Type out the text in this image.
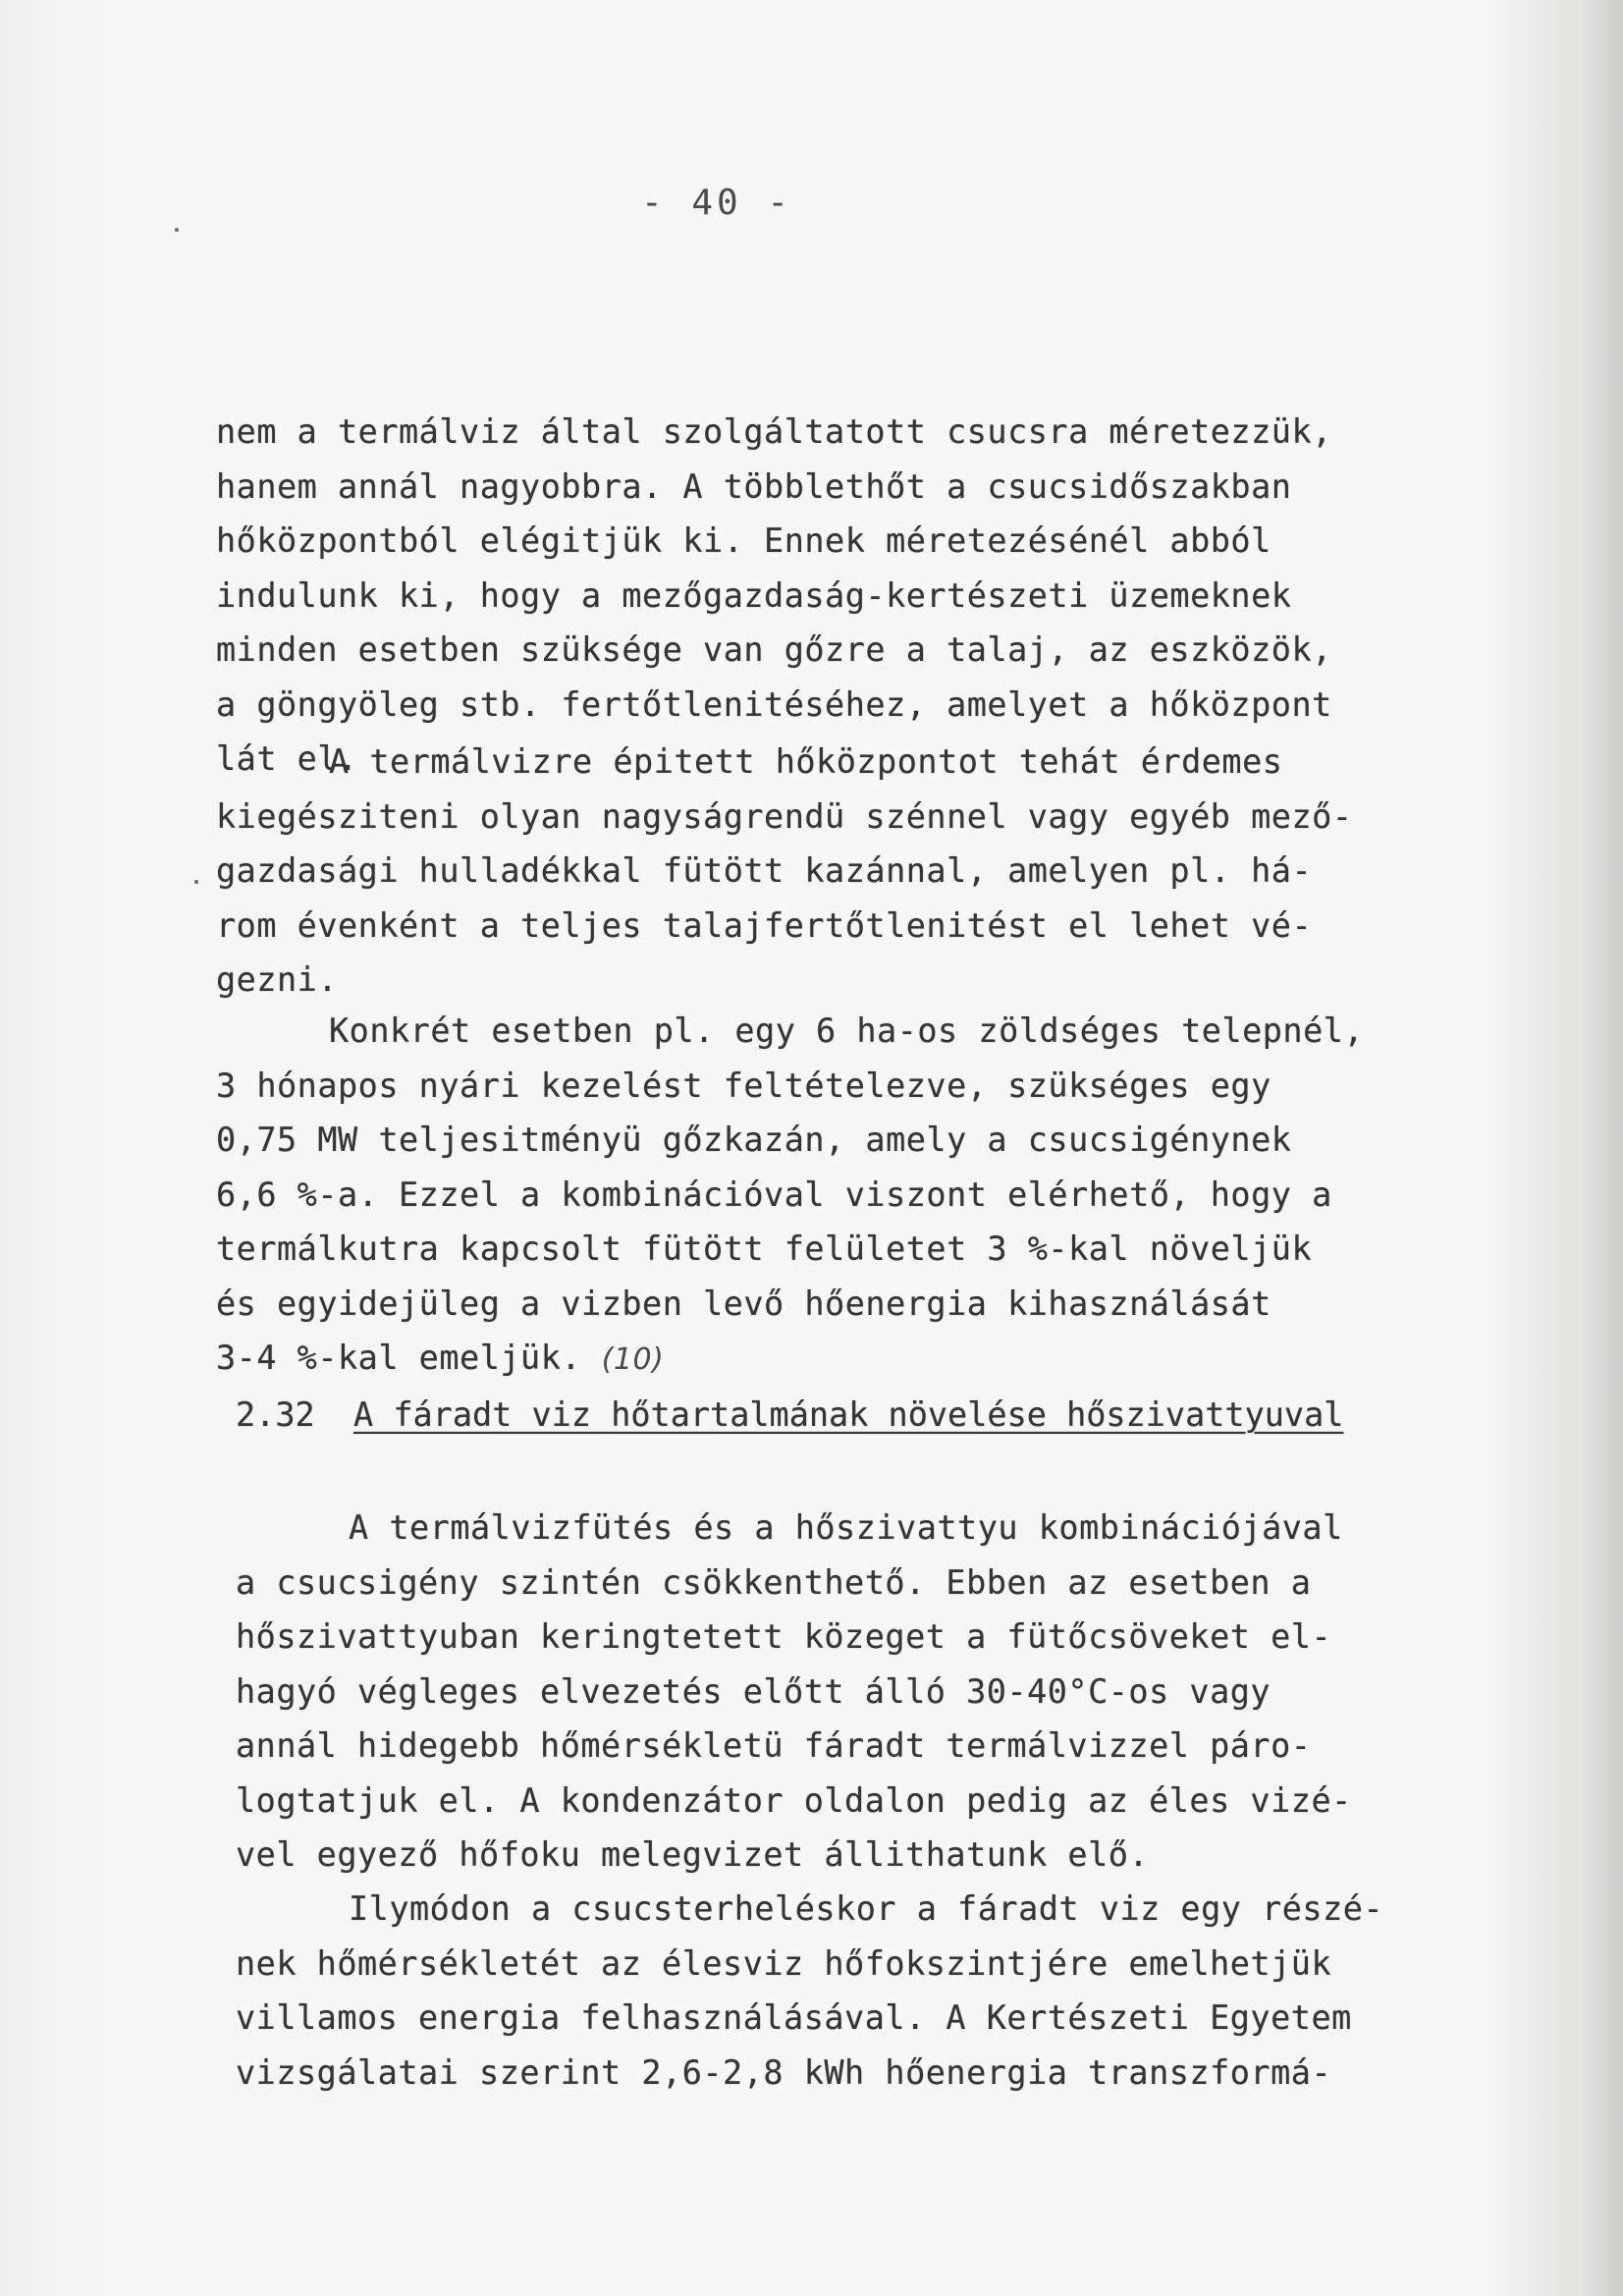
- 40 -
nem a termálviz által szolgáltatott csucsra méretezzük,
hanem annál nagyobbra. A többlethőt a csucsidőszakban
hőközpontból elégitjük ki. Ennek méretezésénél abból
indulunk ki, hogy a mezőgazdaság-kertészeti üzemeknek
minden esetben szüksége van gőzre a talaj, az eszközök,
a göngyöleg stb. fertőtlenitéséhez, amelyet a hőközpont
lát el.
A termálvizre épitett hőközpontot tehát érdemes
kiegésziteni olyan nagyságrendü szénnel vagy egyéb mező-
gazdasági hulladékkal fütött kazánnal, amelyen pl. há-
rom évenként a teljes talajfertőtlenitést el lehet vé-
gezni.
Konkrét esetben pl. egy 6 ha-os zöldséges telepnél,
3 hónapos nyári kezelést feltételezve, szükséges egy
0,75 MW teljesitményü gőzkazán, amely a csucsigénynek
6,6 %-a. Ezzel a kombinációval viszont elérhető, hogy a
termálkutra kapcsolt fütött felületet 3 %-kal növeljük
és egyidejüleg a vizben levő hőenergia kihasználását
3-4 %-kal emeljük. (10)
2.32 A fáradt viz hőtartalmának növelése hőszivattyuval
A termálvizfütés és a hőszivattyu kombinációjával
a csucsigény szintén csökkenthető. Ebben az esetben a
hőszivattyuban keringtetett közeget a fütőcsöveket el-
hagyó végleges elvezetés előtt álló 30-40°C-os vagy
annál hidegebb hőmérsékletü fáradt termálvizzel páro-
logtatjuk el. A kondenzátor oldalon pedig az éles vizé-
vel egyező hőfoku melegvizet állithatunk elő.
Ilymódon a csucsterheléskor a fáradt viz egy részé-
nek hőmérsékletét az élesviz hőfokszintjére emelhetjük
villamos energia felhasználásával. A Kertészeti Egyetem
vizsgálatai szerint 2,6-2,8 kWh hőenergia transzformá-
